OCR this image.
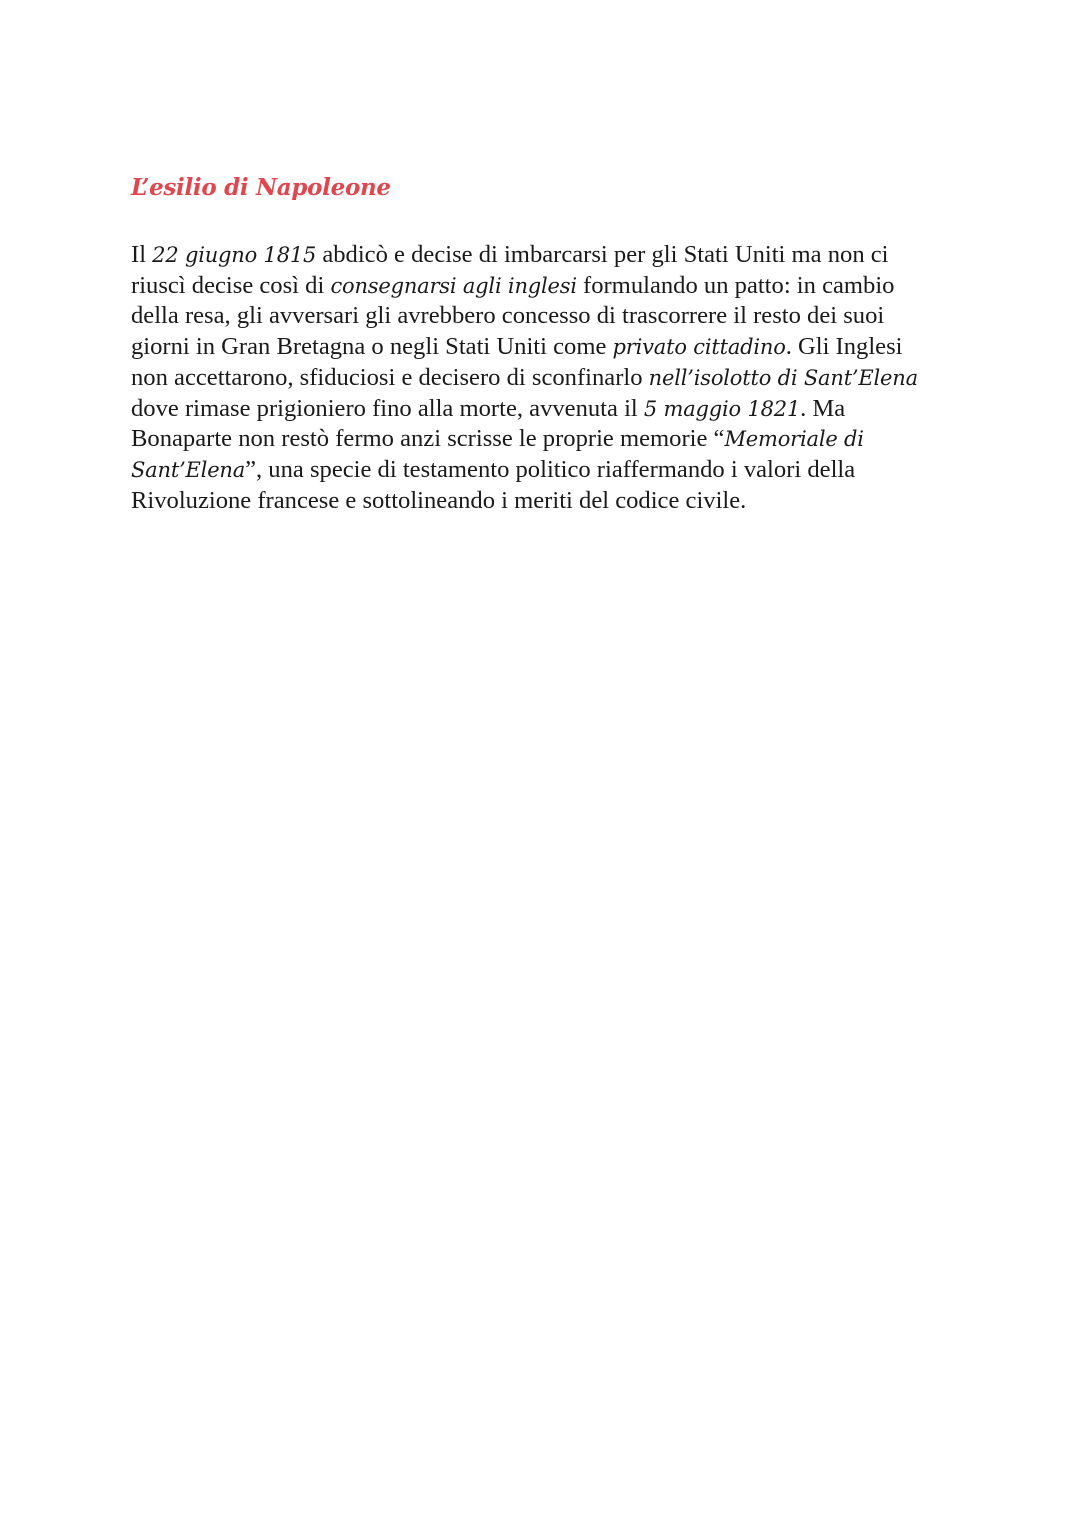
L’esilio di Napoleone

Il 22 giugno 1815 abdicò e decise di imbarcarsi per gli Stati Uniti ma non ci
riuscì decise così di consegnarsi agli inglesi formulando un patto: in cambio
della resa, gli avversari gli avrebbero concesso di trascorrere il resto dei suoi
giorni in Gran Bretagna o negli Stati Uniti come privato cittadino. Gli Inglesi
non accettarono, sfiduciosi e decisero di sconfinarlo nell’isolotto di Sant’Elena
dove rimase prigioniero fino alla morte, avvenuta il 5 maggio 1821. Ma
Bonaparte non restò fermo anzi scrisse le proprie memorie “Memoriale di
Sant’Elena”, una specie di testamento politico riaffermando i valori della
Rivoluzione francese e sottolineando i meriti del codice civile.
